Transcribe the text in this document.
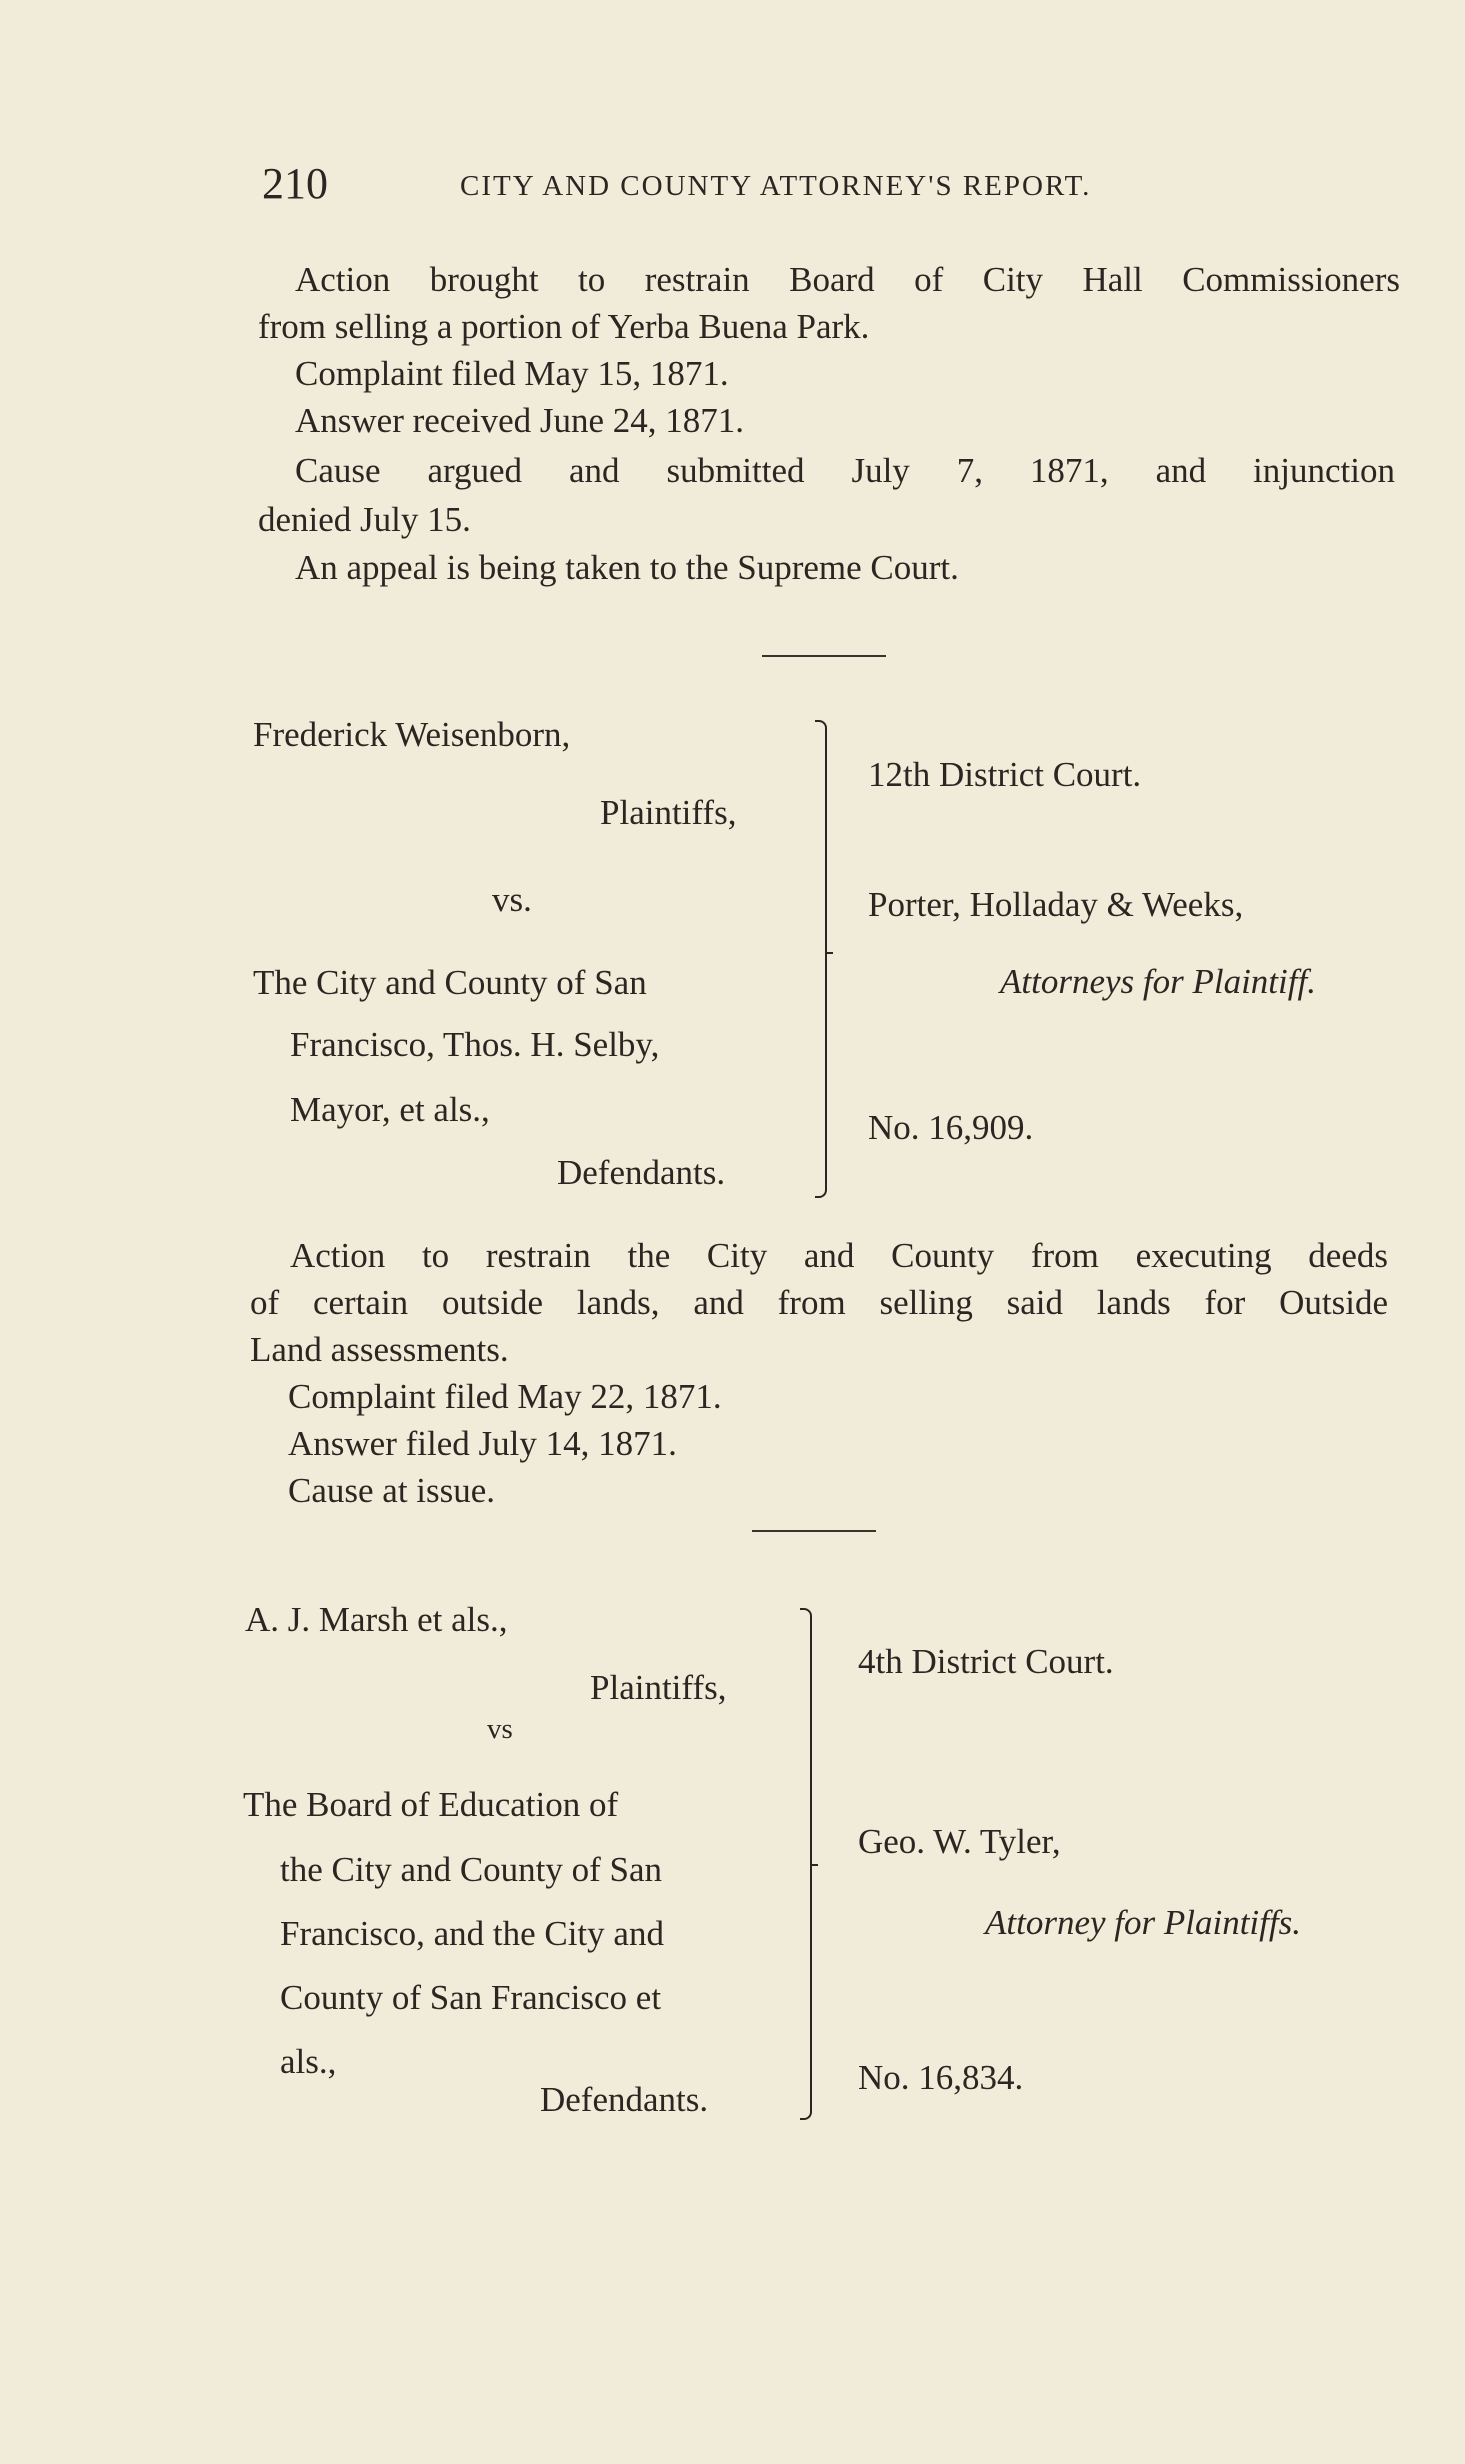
210	CITY AND COUNTY ATTORNEY'S REPORT.

Action brought to restrain Board of City Hall Commissioners

from selling a portion of Yerba Buena Park.

Complaint filed May 15, 1871.

Answer received June 24, 1871.

Cause argued and submitted July 7, 1871, and injunction

denied July 15.

An appeal is being taken to the Supreme Court.

Frederick Weisenborn,
Plaintiffs,
vs.
The City and County of San
Francisco, Thos. H. Selby,
Mayor, et als.,
Defendants.
12th District Court.
Porter, Holladay & Weeks,
Attorneys for Plaintiff.
No. 16,909.

Action to restrain the City and County from executing deeds

of certain outside lands, and from selling said lands for Outside

Land assessments.

Complaint filed May 22, 1871.

Answer filed July 14, 1871.

Cause at issue.

A. J. Marsh et als.,
Plaintiffs,
vs
The Board of Education of
the City and County of San
Francisco, and the City and
County of San Francisco et
als.,
Defendants.
4th District Court.
Geo. W. Tyler,
Attorney for Plaintiffs.
No. 16,834.
